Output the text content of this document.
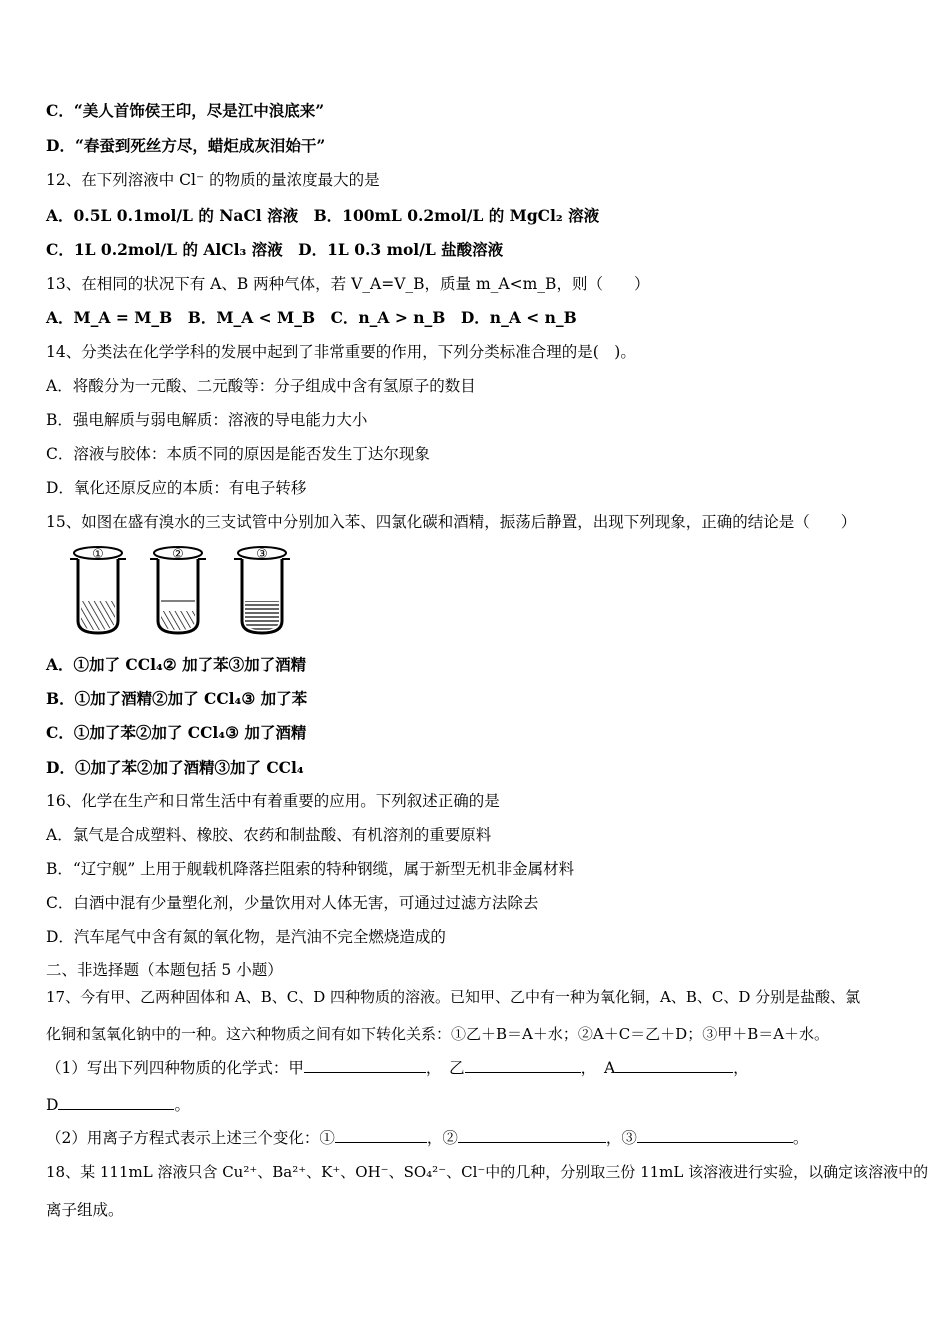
C．“美人首饰侯王印，尽是江中浪底来”
D．“春蚕到死丝方尽，蜡炬成灰泪始干”
12、在下列溶液中 Cl⁻ 的物质的量浓度最大的是
A．0.5L 0.1mol/L 的 NaCl 溶液　B．100mL 0.2mol/L 的 MgCl₂ 溶液
C．1L 0.2mol/L 的 AlCl₃ 溶液　D．1L 0.3 mol/L 盐酸溶液
13、在相同的状况下有 A、B 两种气体，若 V_A=V_B，质量 m_A<m_B，则（　　）
A．M_A = M_B　B．M_A < M_B　C．n_A > n_B　D．n_A < n_B
14、分类法在化学学科的发展中起到了非常重要的作用，下列分类标准合理的是(　)。
A．将酸分为一元酸、二元酸等：分子组成中含有氢原子的数目
B．强电解质与弱电解质：溶液的导电能力大小
C．溶液与胶体：本质不同的原因是能否发生丁达尔现象
D．氧化还原反应的本质：有电子转移
15、如图在盛有溴水的三支试管中分别加入苯、四氯化碳和酒精，振荡后静置，出现下列现象，正确的结论是（　　）
①	②	③
A．①加了 CCl₄② 加了苯③加了酒精
B．①加了酒精②加了 CCl₄③ 加了苯
C．①加了苯②加了 CCl₄③ 加了酒精
D．①加了苯②加了酒精③加了 CCl₄
16、化学在生产和日常生活中有着重要的应用。下列叙述正确的是
A．氯气是合成塑料、橡胶、农药和制盐酸、有机溶剂的重要原料
B．“辽宁舰” 上用于舰载机降落拦阻索的特种钢缆，属于新型无机非金属材料
C．白酒中混有少量塑化剂，少量饮用对人体无害，可通过过滤方法除去
D．汽车尾气中含有氮的氧化物，是汽油不完全燃烧造成的
二、非选择题（本题包括 5 小题）
17、今有甲、乙两种固体和 A、B、C、D 四种物质的溶液。已知甲、乙中有一种为氧化铜，A、B、C、D 分别是盐酸、氯
化铜和氢氧化钠中的一种。这六种物质之间有如下转化关系：①乙＋B＝A＋水；②A＋C＝乙＋D；③甲＋B＝A＋水。
（1）写出下列四种物质的化学式：甲	，　 乙	，　 A	，
D	。
（2）用离子方程式表示上述三个变化：①	，②	，③	。
18、某 111mL 溶液只含 Cu²⁺、Ba²⁺、K⁺、OH⁻、SO₄²⁻、Cl⁻中的几种，分别取三份 11mL 该溶液进行实验，以确定该溶液中的
离子组成。
